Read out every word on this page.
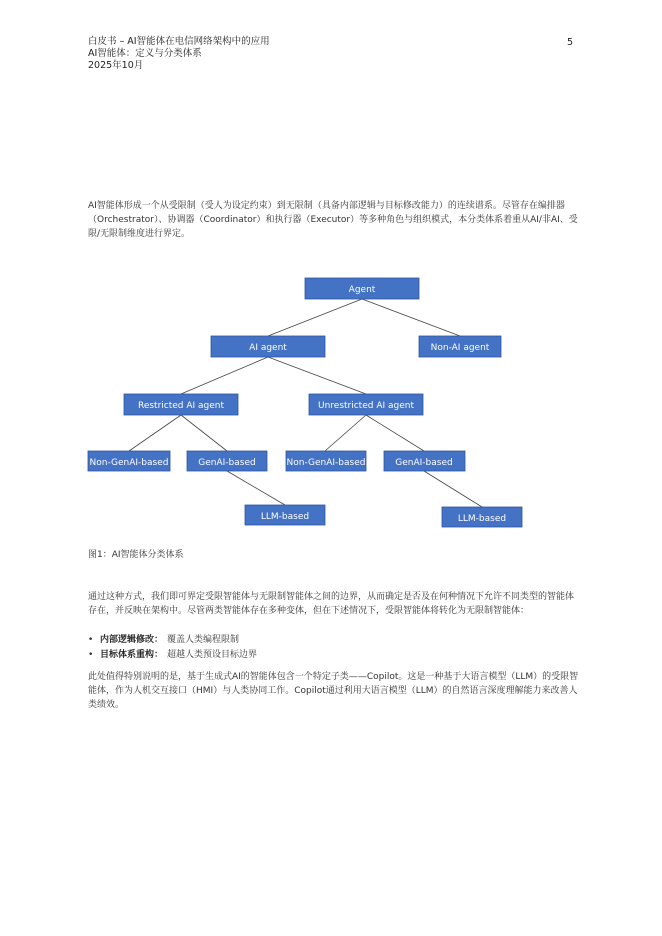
白皮书 – AI智能体在电信网络架构中的应用
AI智能体：定义与分类体系
2025年10月
5
AI智能体形成一个从受限制（受人为设定约束）到无限制（具备内部逻辑与目标修改能力）的连续谱系。尽管存在编排器（Orchestrator）、协调器（Coordinator）和执行器（Executor）等多种角色与组织模式，本分类体系着重从AI/非AI、受限/无限制维度进行界定。
Agent
AI agent	Non-AI agent
Restricted AI agent	Unrestricted AI agent
Non-GenAI-based	GenAI-based	Non-GenAI-based	GenAI-based
LLM-based	LLM-based
图1：AI智能体分类体系
通过这种方式，我们即可界定受限智能体与无限制智能体之间的边界，从而确定是否及在何种情况下允许不同类型的智能体存在，并反映在架构中。尽管两类智能体存在多种变体，但在下述情况下，受限智能体将转化为无限制智能体：
• 内部逻辑修改： 覆盖人类编程限制
• 目标体系重构： 超越人类预设目标边界
此处值得特别说明的是，基于生成式AI的智能体包含一个特定子类——Copilot。这是一种基于大语言模型（LLM）的受限智能体，作为人机交互接口（HMI）与人类协同工作。Copilot通过利用大语言模型（LLM）的自然语言深度理解能力来改善人类绩效。
